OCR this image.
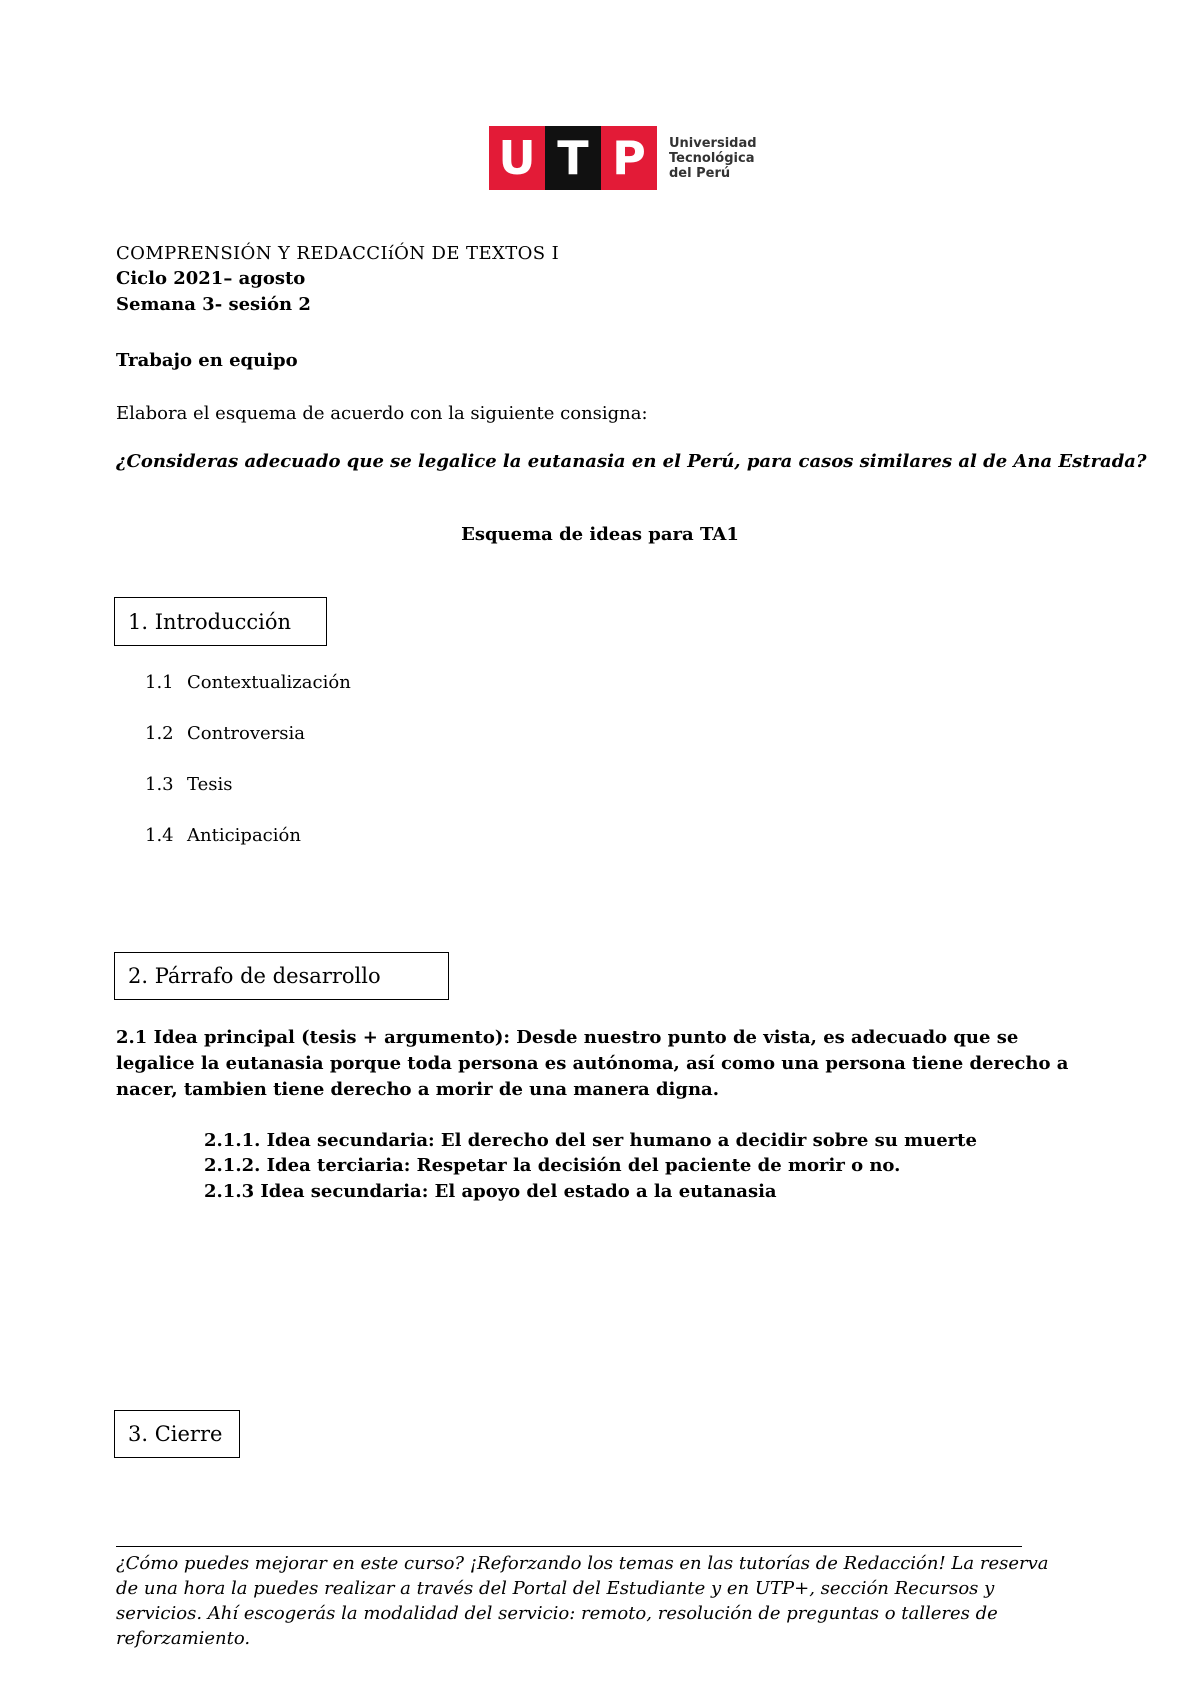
U T P	Universidad
Tecnológica
del Perú
COMPRENSIÓN Y REDACCIíÓN DE TEXTOS I
Ciclo 2021– agosto
Semana 3- sesión 2
Trabajo en equipo
Elabora el esquema de acuerdo con la siguiente consigna:
¿Consideras adecuado que se legalice la eutanasia en el Perú, para casos similares al de Ana Estrada?
Esquema de ideas para TA1
1. Introducción
1.1 Contextualización
1.2 Controversia
1.3 Tesis
1.4 Anticipación
2. Párrafo de desarrollo
2.1 Idea principal (tesis + argumento): Desde nuestro punto de vista, es adecuado que se legalice la eutanasia porque toda persona es autónoma, así como una persona tiene derecho a nacer, tambien tiene derecho a morir de una manera digna.
2.1.1. Idea secundaria: El derecho del ser humano a decidir sobre su muerte
2.1.2. Idea terciaria: Respetar la decisión del paciente de morir o no.
2.1.3 Idea secundaria: El apoyo del estado a la eutanasia
3. Cierre
¿Cómo puedes mejorar en este curso? ¡Reforzando los temas en las tutorías de Redacción! La reserva de una hora la puedes realizar a través del Portal del Estudiante y en UTP+, sección Recursos y servicios. Ahí escogerás la modalidad del servicio: remoto, resolución de preguntas o talleres de reforzamiento.
